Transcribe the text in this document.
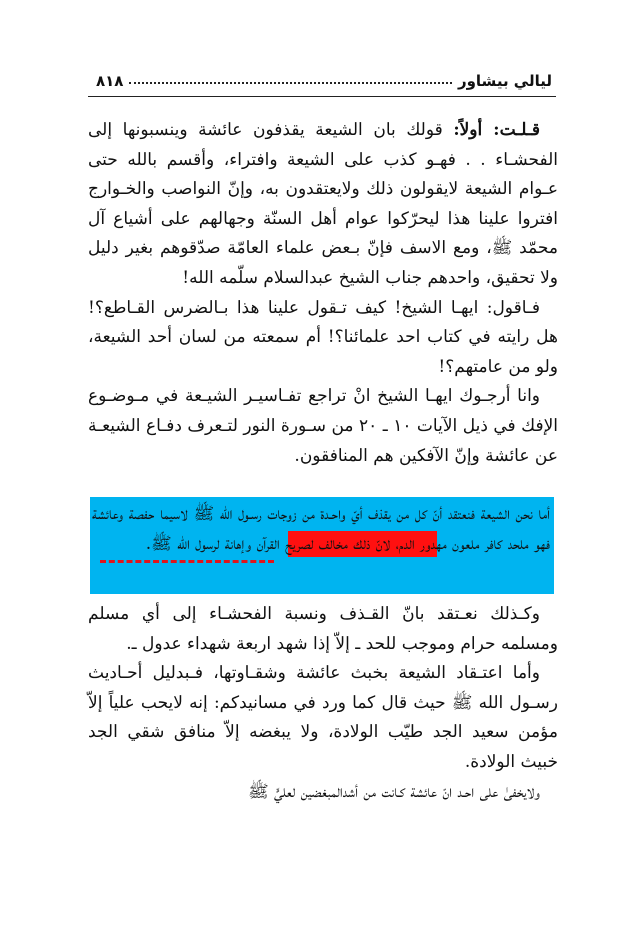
ليالي بيشاور
٨١٨

قـلـت: أولاً: قولك بان الشيعة يقذفون عائشة وينسبونها إلى الفحشـاء . . فهـو كذب على الشيعة وافتراء، وأقسم بالله حتى عـوام الشيعة لايقولون ذلك ولايعتقدون به، وإنّ النواصب والخـوارج افتروا علينا هذا ليحرّكوا عوام أهل السنّة وجهالهم على أشياع آل محمّد ﷺ، ومع الاسف فإنّ بـعض علماء العامّة صدّقوهم بغير دليل ولا تحقيق، واحدهم جناب الشيخ عبدالسلام سلّمه الله!

فـاقول: ايهـا الشيخ! كيف تـقول علينا هذا بـالضرس القـاطع؟! هل رايته في كتاب احد علمائنا؟! أم سمعته من لسان أحد الشيعة، ولو من عامتهم؟!

وانا أرجـوك ايهـا الشيخ انْ تراجع تفـاسيـر الشيـعة في مـوضـوع الإفك في ذيل الآيات ١٠ ـ ٢٠ من سـورة النور لتـعرف دفـاع الشيعـة عن عائشة وإنّ الآفكين هم المنافقون.

أما نحن الشيعة فنعتقد أنّ كل من يقذف أيّ واحـدة من زوجات رسـول الله ﷺ لاسيما حفصة وعائشة فهو ملحد كافر ملعون مهدور الدم، لانّ ذلك مخالف لصريح القرآن وإهانة لرسول الله ﷺ.

وكـذلك نعـتقد بانّ القـذف ونسبة الفحشـاء إلى أي مسلم ومسلمه حرام وموجب للحد ـ إلاّ إذا شهد اربعة شهداء عدول ـ.

وأما اعتـقاد الشيعة بخبث عائشة وشقـاوتها، فـبدليل أحـاديث رسـول الله ﷺ حيث قال كما ورد في مسانيدكم: إنه لايحب علياً إلاّ مؤمن سعيد الجد طيّب الولادة، ولا يبغضه إلاّ منافق شقي الجد خبيث الولادة.

ولايخفىٰ على احـد انّ عائشة كـانت من أشدالمبغضين لعليٍّ ﷺ
